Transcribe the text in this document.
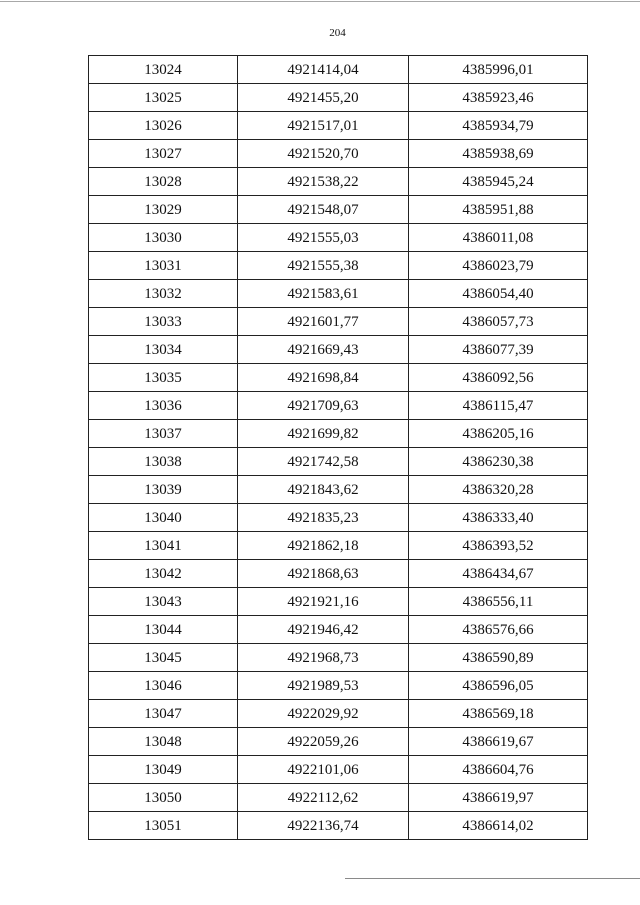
204
13024	4921414,04	4385996,01
13025	4921455,20	4385923,46
13026	4921517,01	4385934,79
13027	4921520,70	4385938,69
13028	4921538,22	4385945,24
13029	4921548,07	4385951,88
13030	4921555,03	4386011,08
13031	4921555,38	4386023,79
13032	4921583,61	4386054,40
13033	4921601,77	4386057,73
13034	4921669,43	4386077,39
13035	4921698,84	4386092,56
13036	4921709,63	4386115,47
13037	4921699,82	4386205,16
13038	4921742,58	4386230,38
13039	4921843,62	4386320,28
13040	4921835,23	4386333,40
13041	4921862,18	4386393,52
13042	4921868,63	4386434,67
13043	4921921,16	4386556,11
13044	4921946,42	4386576,66
13045	4921968,73	4386590,89
13046	4921989,53	4386596,05
13047	4922029,92	4386569,18
13048	4922059,26	4386619,67
13049	4922101,06	4386604,76
13050	4922112,62	4386619,97
13051	4922136,74	4386614,02
